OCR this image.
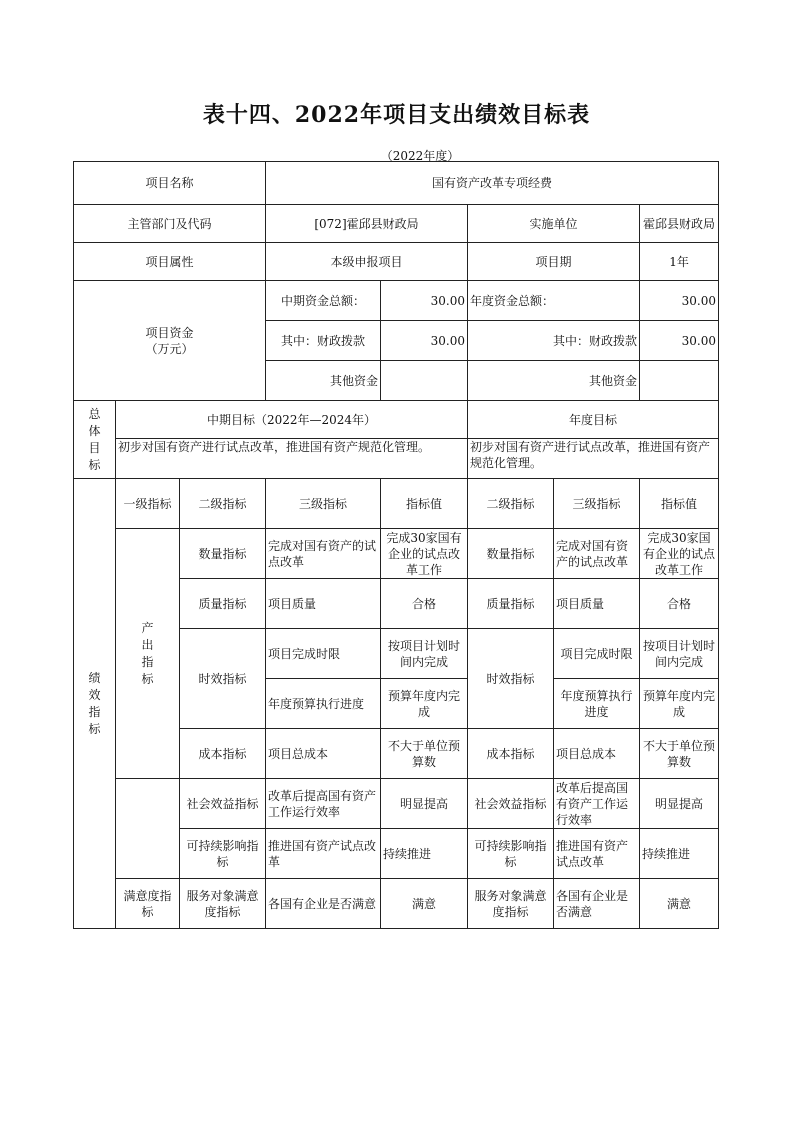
表十四、2022年项目支出绩效目标表
（2022年度）
项目名称			国有资产改革专项经费				
主管部门及代码			[072]霍邱县财政局		实施单位		霍邱县财政局
项目属性			本级申报项目		项目期		1年

项目资金
（万元）			中期资金总额：	30.00	年度资金总额：		30.00
			其中：财政拨款	30.00	其中：财政拨款		30.00
			其他资金		其他资金		
总体目标	中期目标（2022年—2024年）				年度目标		
	初步对国有资产进行试点改革，推进国有资产规范化管理。				初步对国有资产进行试点改革，推进国有资产规范化管理。		
绩效指标	一级指标	二级指标	三级指标	指标值	二级指标	三级指标	指标值
	产出指标	数量指标	完成对国有资产的试点改革	完成30家国有企业的试点改革工作	数量指标	完成对国有资产的试点改革	完成30家国有企业的试点改革工作
		质量指标	项目质量	合格	质量指标	项目质量	合格
		时效指标	项目完成时限	按项目计划时间内完成	时效指标	项目完成时限	按项目计划时间内完成
			年度预算执行进度	预算年度内完成		年度预算执行进度	预算年度内完成
		成本指标	项目总成本	不大于单位预算数	成本指标	项目总成本	不大于单位预算数
		社会效益指标	改革后提高国有资产工作运行效率	明显提高	社会效益指标	改革后提高国有资产工作运行效率	明显提高
		可持续影响指标	推进国有资产试点改革	持续推进	可持续影响指标	推进国有资产试点改革	持续推进
	满意度指标	服务对象满意度指标	各国有企业是否满意	满意	服务对象满意度指标	各国有企业是否满意	满意
